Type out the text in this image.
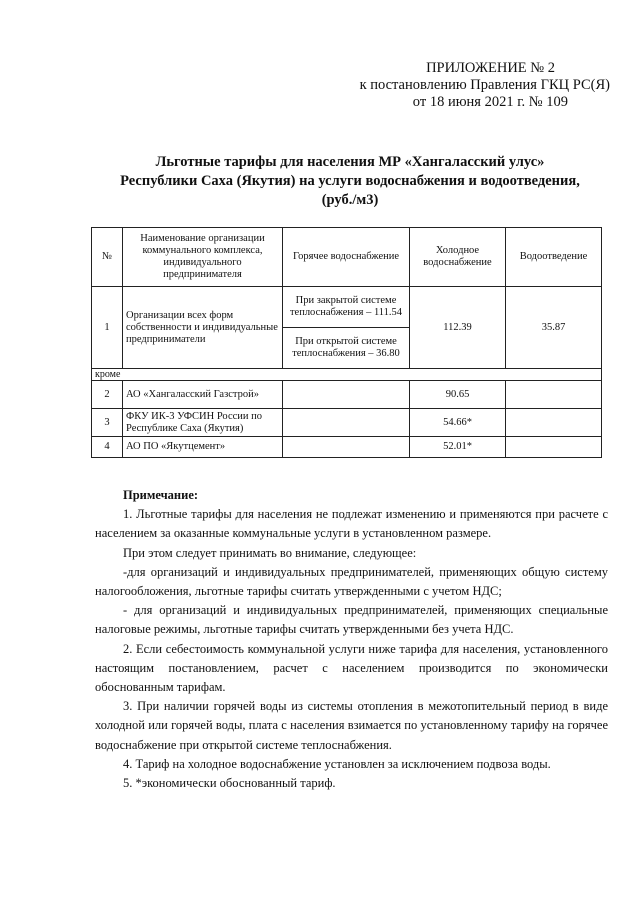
ПРИЛОЖЕНИЕ № 2
к постановлению Правления ГКЦ РС(Я)
от 18 июня 2021 г. № 109
Льготные тарифы для населения МР «Хангаласский улус»
Республики Саха (Якутия) на услуги водоснабжения и водоотведения,
(руб./м3)
№	Наименование организации коммунального комплекса, индивидуального предпринимателя	Горячее водоснабжение	Холодное водоснабжение	Водоотведение
1	Организации всех форм собственности и индивидуальные предприниматели	При закрытой системе теплоснабжения – 111.54	112.39	35.87
		При открытой системе теплоснабжения – 36.80		
кроме				
2	АО «Хангаласский Газстрой»		90.65	
3	ФКУ ИК-3 УФСИН России по Республике Саха (Якутия)		54.66*	
4	АО ПО «Якутцемент»		52.01*	

Примечание:

1. Льготные тарифы для населения не подлежат изменению и применяются при расчете с населением за оказанные коммунальные услуги в установленном размере.

При этом следует принимать во внимание, следующее:

-для организаций и индивидуальных предпринимателей, применяющих общую систему налогообложения, льготные тарифы считать утвержденными с учетом НДС;

- для организаций и индивидуальных предпринимателей, применяющих специальные налоговые режимы, льготные тарифы считать утвержденными без учета НДС.

2. Если себестоимость коммунальной услуги ниже тарифа для населения, установленного настоящим постановлением, расчет с населением производится по экономически обоснованным тарифам.

3. При наличии горячей воды из системы отопления в межотопительный период в виде холодной или горячей воды, плата с населения взимается по установленному тарифу на горячее водоснабжение при открытой системе теплоснабжения.

4. Тариф на холодное водоснабжение установлен за исключением подвоза воды.

5. *экономически обоснованный тариф.
